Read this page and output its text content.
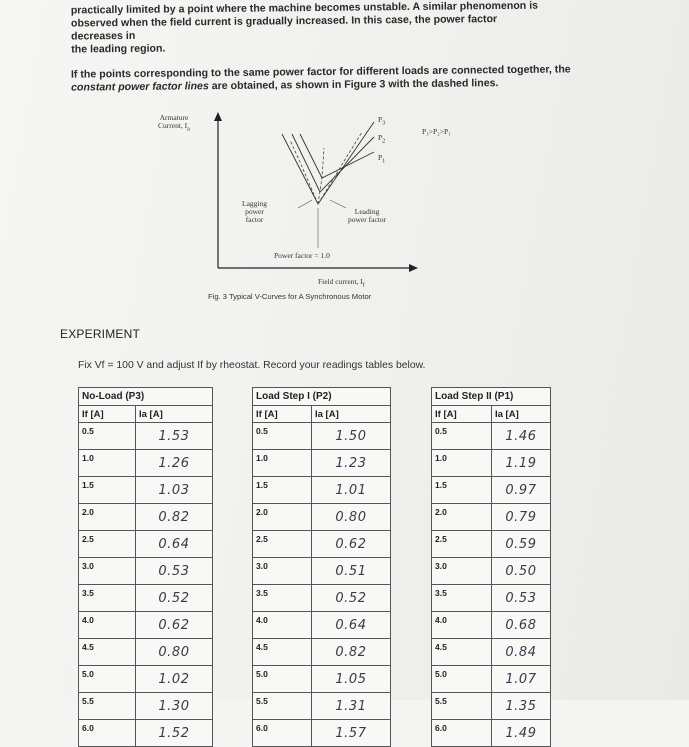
practically limited by a point where the machine becomes unstable. A similar phenomenon is
observed when the field current is gradually increased. In this case, the power factor decreases in
the leading region.
If the points corresponding to the same power factor for different loads are connected together, the
constant power factor lines are obtained, as shown in Figure 3 with the dashed lines.
Armature
Current, $I_a$
$P_3$
$P_2$
$P_1$
P₃>P₂>P₁
Lagging
power
factor
Leading
power factor
Power factor = 1.0
Field current, $I_f$
Fig. 3 Typical V-Curves for A Synchronous Motor
EXPERIMENT
Fix Vf = 100 V and adjust If by rheostat. Record your readings tables below.
No-Load (P3)	
If [A]	Ia [A]
0.5	1.53
1.0	1.26
1.5	1.03
2.0	0.82
2.5	0.64
3.0	0.53
3.5	0.52
4.0	0.62
4.5	0.80
5.0	1.02
5.5	1.30
6.0	1.52
Load Step I (P2)	
If [A]	Ia [A]
0.5	1.50
1.0	1.23
1.5	1.01
2.0	0.80
2.5	0.62
3.0	0.51
3.5	0.52
4.0	0.64
4.5	0.82
5.0	1.05
5.5	1.31
6.0	1.57
Load Step II (P1)	
If [A]	Ia [A]
0.5	1.46
1.0	1.19
1.5	0.97
2.0	0.79
2.5	0.59
3.0	0.50
3.5	0.53
4.0	0.68
4.5	0.84
5.0	1.07
5.5	1.35
6.0	1.49
